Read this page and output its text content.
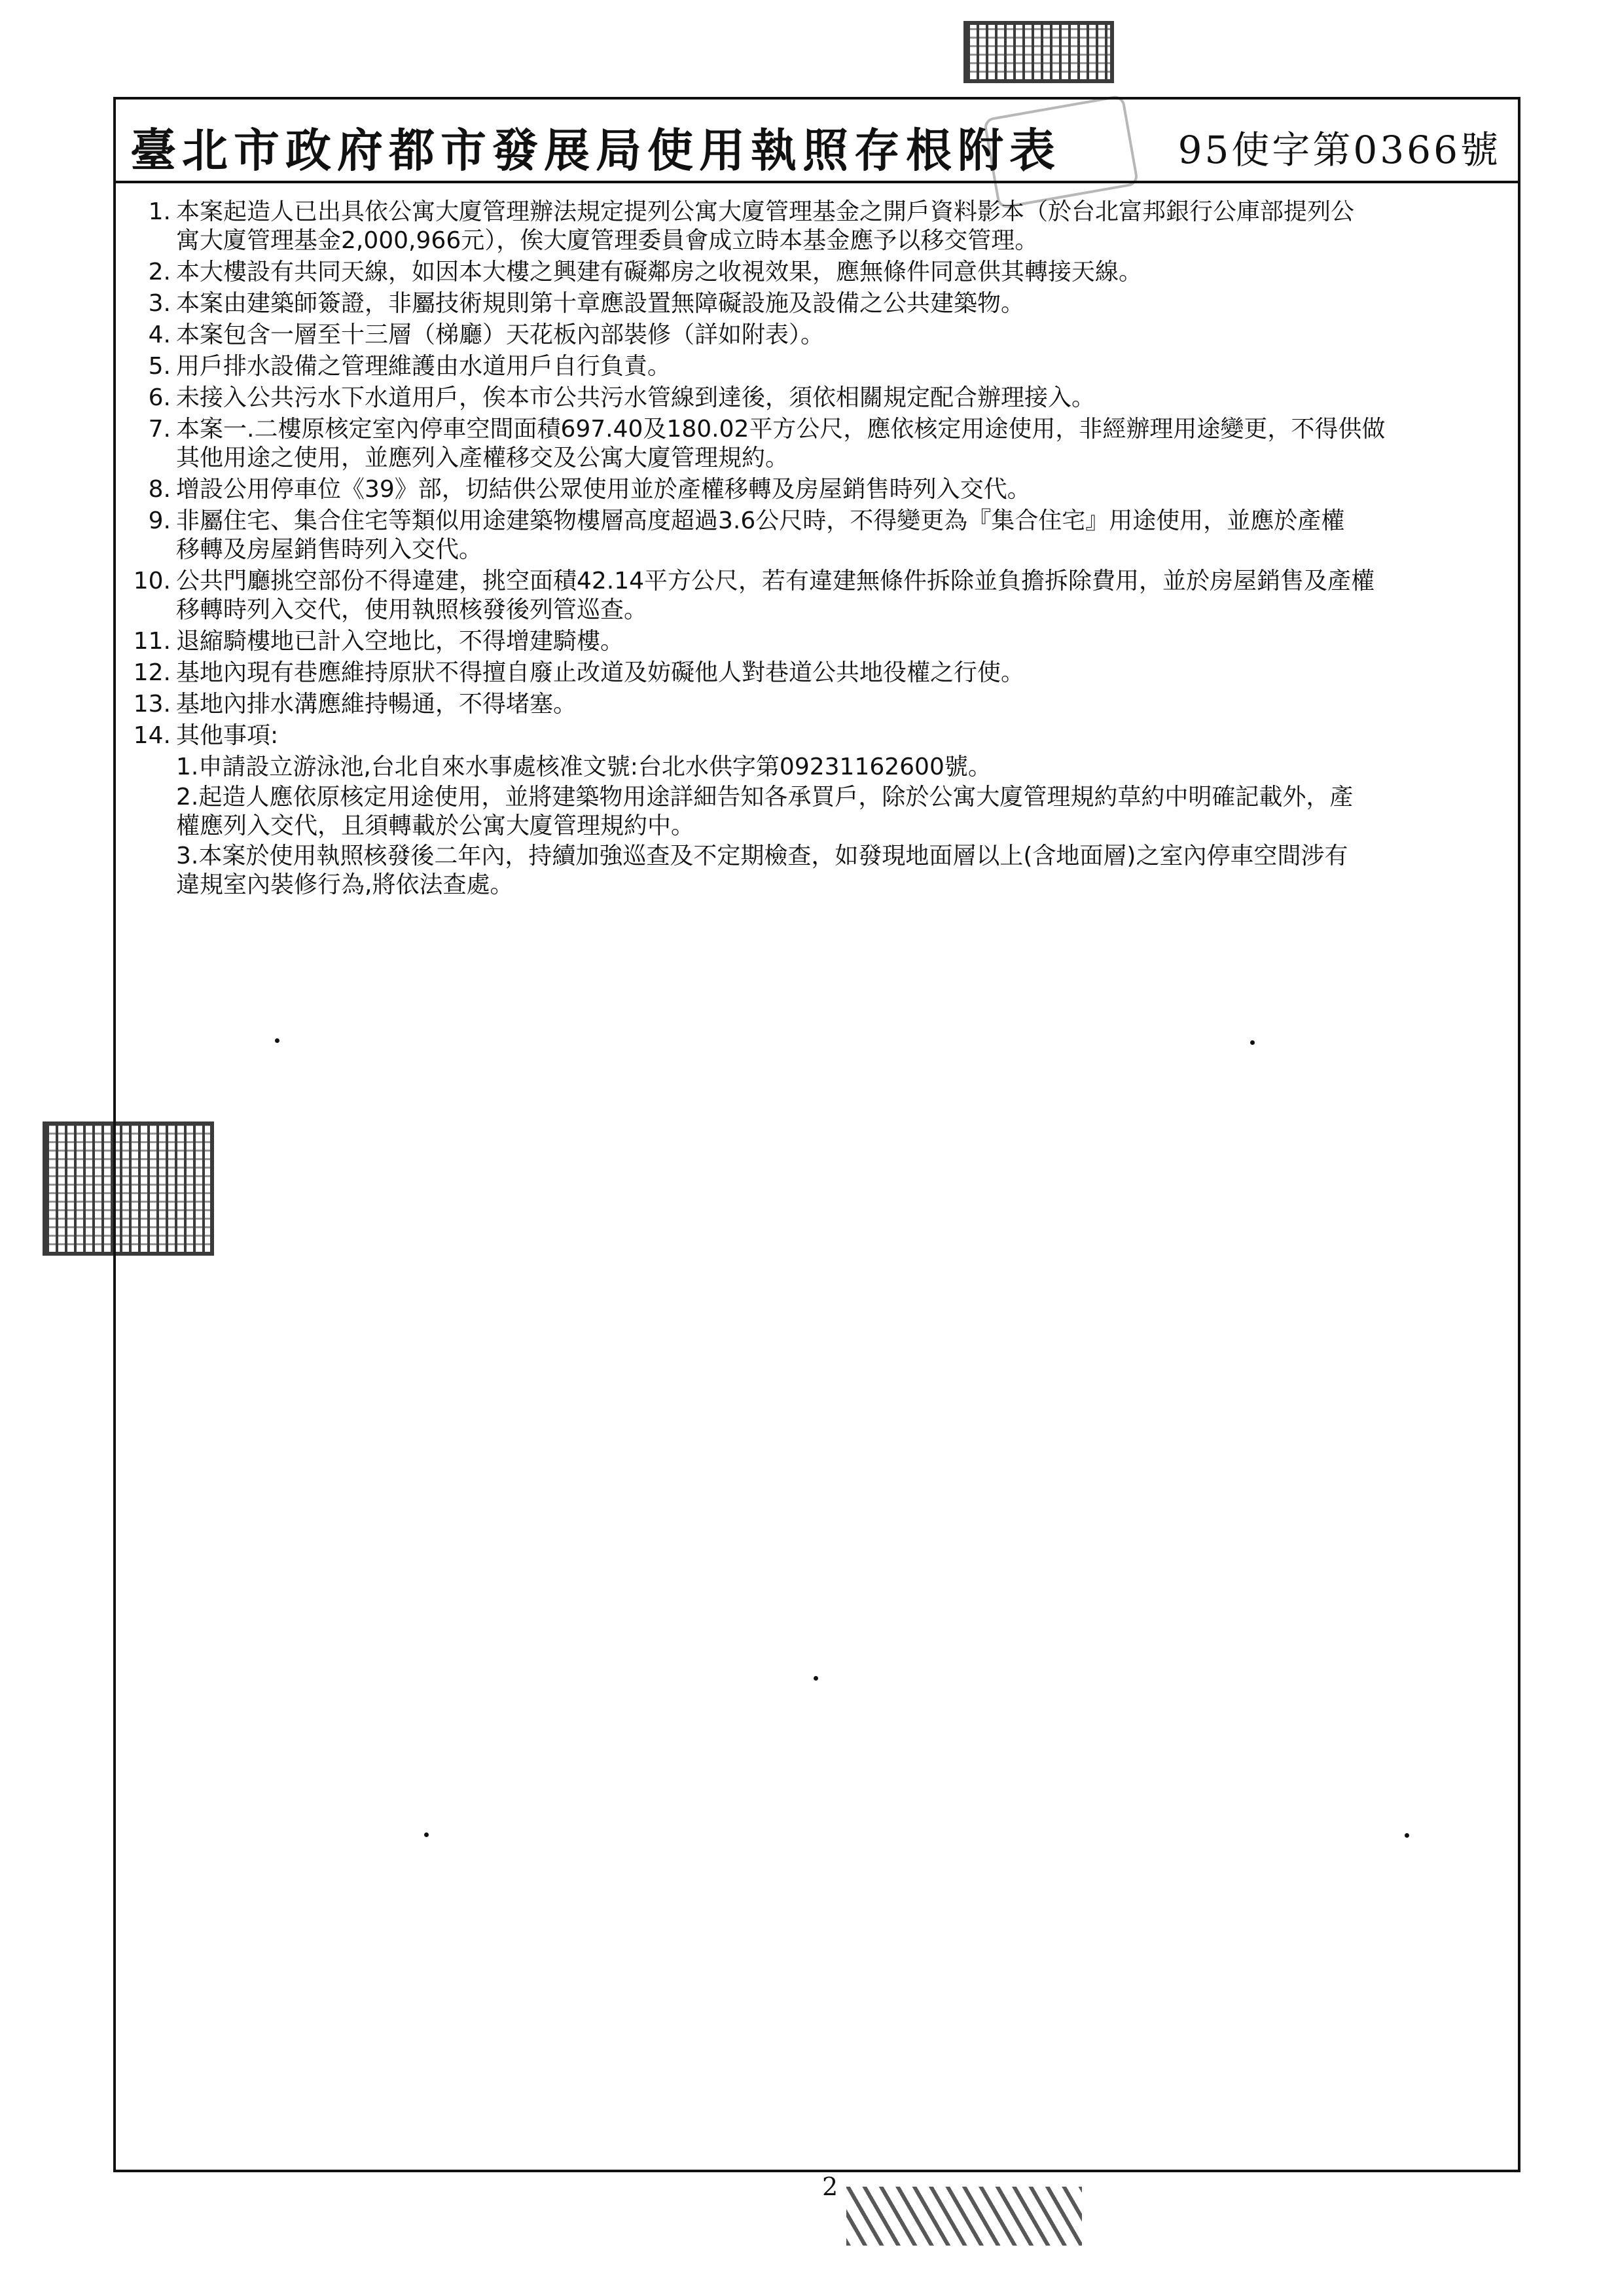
臺北市政府都市發展局使用執照存根附表	95使字第0366號
1. 本案起造人已出具依公寓大廈管理辦法規定提列公寓大廈管理基金之開戶資料影本（於台北富邦銀行公庫部提列公
寓大廈管理基金2,000,966元），俟大廈管理委員會成立時本基金應予以移交管理。
2. 本大樓設有共同天線，如因本大樓之興建有礙鄰房之收視效果，應無條件同意供其轉接天線。
3. 本案由建築師簽證，非屬技術規則第十章應設置無障礙設施及設備之公共建築物。
4. 本案包含一層至十三層（梯廳）天花板內部裝修（詳如附表）。
5. 用戶排水設備之管理維護由水道用戶自行負責。
6. 未接入公共污水下水道用戶，俟本市公共污水管線到達後，須依相關規定配合辦理接入。
7. 本案一.二樓原核定室內停車空間面積697.40及180.02平方公尺，應依核定用途使用，非經辦理用途變更，不得供做
其他用途之使用，並應列入產權移交及公寓大廈管理規約。
8. 增設公用停車位《39》部，切結供公眾使用並於產權移轉及房屋銷售時列入交代。
9. 非屬住宅、集合住宅等類似用途建築物樓層高度超過3.6公尺時，不得變更為『集合住宅』用途使用，並應於產權
移轉及房屋銷售時列入交代。
10. 公共門廳挑空部份不得違建，挑空面積42.14平方公尺，若有違建無條件拆除並負擔拆除費用，並於房屋銷售及產權
移轉時列入交代，使用執照核發後列管巡查。
11. 退縮騎樓地已計入空地比，不得增建騎樓。
12. 基地內現有巷應維持原狀不得擅自廢止改道及妨礙他人對巷道公共地役權之行使。
13. 基地內排水溝應維持暢通，不得堵塞。
14. 其他事項:
1.申請設立游泳池,台北自來水事處核准文號:台北水供字第09231162600號。
2.起造人應依原核定用途使用，並將建築物用途詳細告知各承買戶，除於公寓大廈管理規約草約中明確記載外，產
權應列入交代，且須轉載於公寓大廈管理規約中。
3.本案於使用執照核發後二年內，持續加強巡查及不定期檢查，如發現地面層以上(含地面層)之室內停車空間涉有
違規室內裝修行為,將依法查處。
2
